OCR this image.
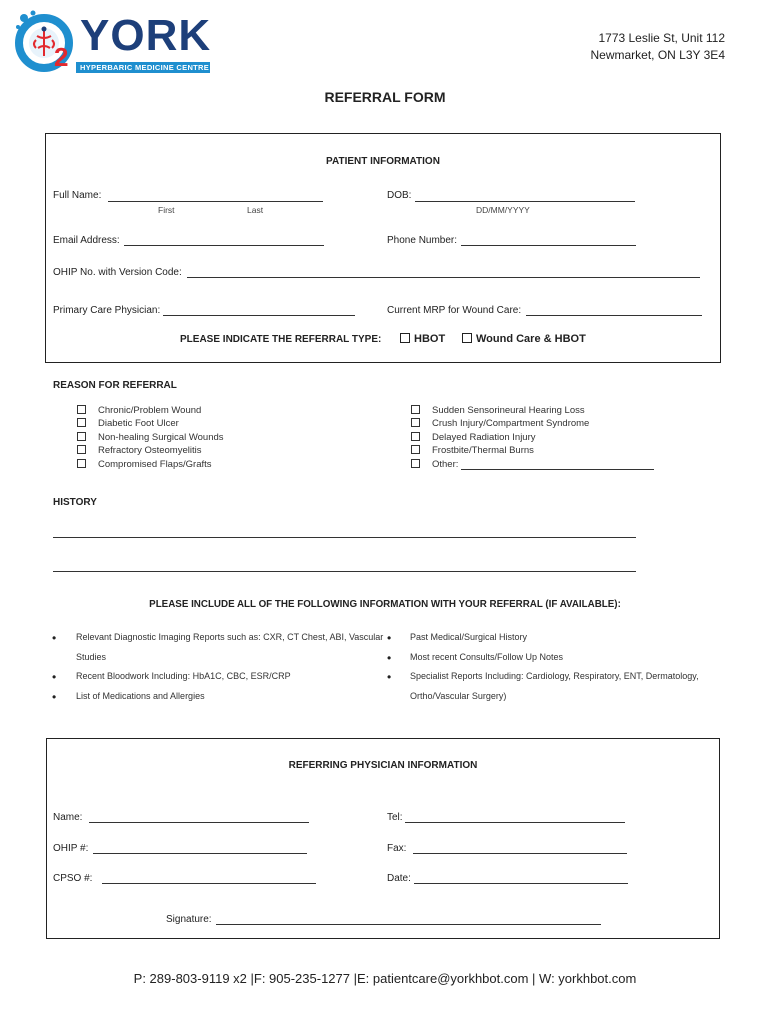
2 YORK
HYPERBARIC MEDICINE CENTRE
1773 Leslie St, Unit 112
Newmarket, ON L3Y 3E4
REFERRAL FORM
PATIENT INFORMATION
Full Name:
First	Last
DOB:
DD/MM/YYYY
Email Address:	Phone Number:
OHIP No. with Version Code:
Primary Care Physician:	Current MRP for Wound Care:
PLEASE INDICATE THE REFERRAL TYPE:	HBOT	Wound Care & HBOT
REASON FOR REFERRAL
Chronic/Problem Wound
Diabetic Foot Ulcer
Non-healing Surgical Wounds
Refractory Osteomyelitis
Compromised Flaps/Grafts
Sudden Sensorineural Hearing Loss
Crush Injury/Compartment Syndrome
Delayed Radiation Injury
Frostbite/Thermal Burns
Other:
HISTORY
PLEASE INCLUDE ALL OF THE FOLLOWING INFORMATION WITH YOUR REFERRAL (IF AVAILABLE):
• Relevant Diagnostic Imaging Reports such as: CXR, CT Chest, ABI, Vascular
Studies
• Recent Bloodwork Including: HbA1C, CBC, ESR/CRP
• List of Medications and Allergies
• Past Medical/Surgical History
• Most recent Consults/Follow Up Notes
• Specialist Reports Including: Cardiology, Respiratory, ENT, Dermatology,
Ortho/Vascular Surgery)
REFERRING PHYSICIAN INFORMATION
Name:	Tel:
OHIP #:	Fax:
CPSO #:	Date:
Signature:
P: 289-803-9119 x2 |F: 905-235-1277 |E: patientcare@yorkhbot.com | W: yorkhbot.com
